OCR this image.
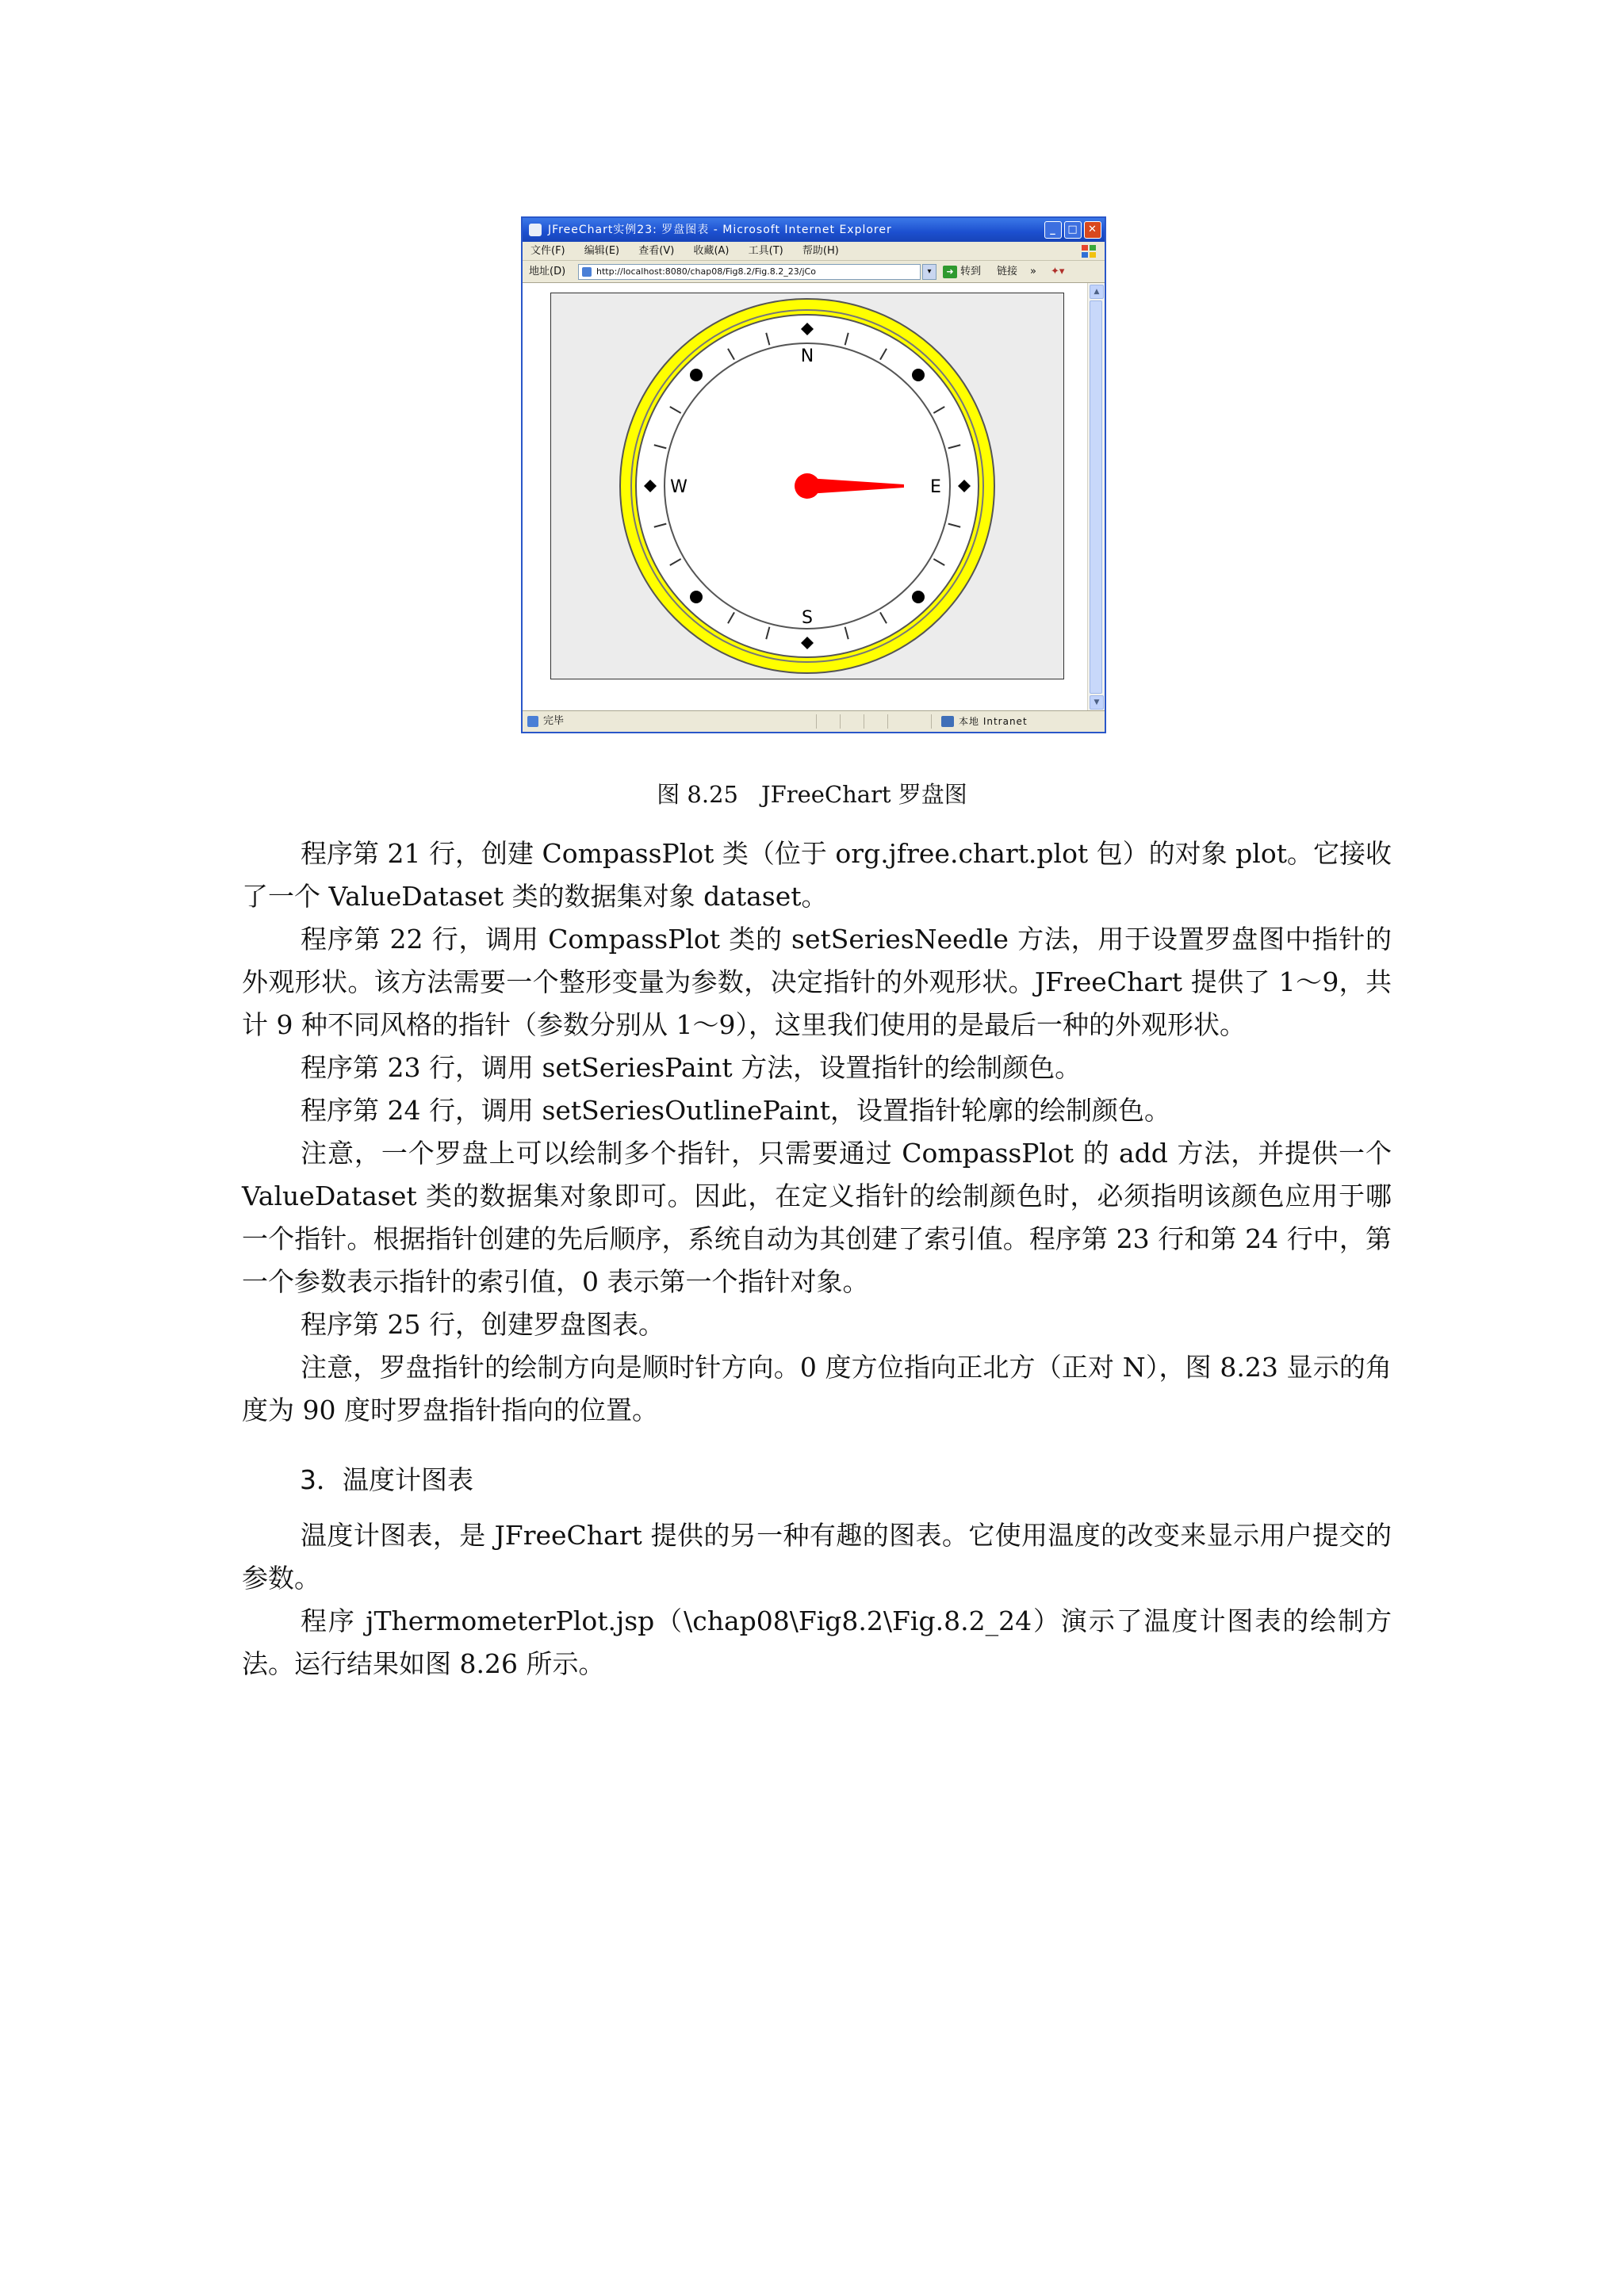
JFreeChart实例23: 罗盘图表 - Microsoft Internet Explorer	_	□ ✕
文件(F) 编辑(E) 查看(V) 收藏(A) 工具(T) 帮助(H)
地址(D)	http://localhost:8080/chap08/Fig8.2/Fig.8.2_23/jCo	▾	➜ 转到 链接 » ✦▾
N
E
S
W
▲
▼
完毕	本地 Intranet
图 8.25　JFreeChart 罗盘图

程序第 21 行，创建 CompassPlot 类（位于 org.jfree.chart.plot 包）的对象 plot。它接收了一个 ValueDataset 类的数据集对象 dataset。

程序第 22 行，调用 CompassPlot 类的 setSeriesNeedle 方法，用于设置罗盘图中指针的外观形状。该方法需要一个整形变量为参数，决定指针的外观形状。JFreeChart 提供了 1～9，共计 9 种不同风格的指针（参数分别从 1～9），这里我们使用的是最后一种的外观形状。

程序第 23 行，调用 setSeriesPaint 方法，设置指针的绘制颜色。

程序第 24 行，调用 setSeriesOutlinePaint，设置指针轮廓的绘制颜色。

注意，一个罗盘上可以绘制多个指针，只需要通过 CompassPlot 的 add 方法，并提供一个 ValueDataset 类的数据集对象即可。因此，在定义指针的绘制颜色时，必须指明该颜色应用于哪一个指针。根据指针创建的先后顺序，系统自动为其创建了索引值。程序第 23 行和第 24 行中，第一个参数表示指针的索引值，0 表示第一个指针对象。

程序第 25 行，创建罗盘图表。

注意，罗盘指针的绘制方向是顺时针方向。0 度方位指向正北方（正对 N），图 8.23 显示的角度为 90 度时罗盘指针指向的位置。

3．温度计图表

温度计图表，是 JFreeChart 提供的另一种有趣的图表。它使用温度的改变来显示用户提交的参数。

程序 jThermometerPlot.jsp（\chap08\Fig8.2\Fig.8.2_24）演示了温度计图表的绘制方法。运行结果如图 8.26 所示。
